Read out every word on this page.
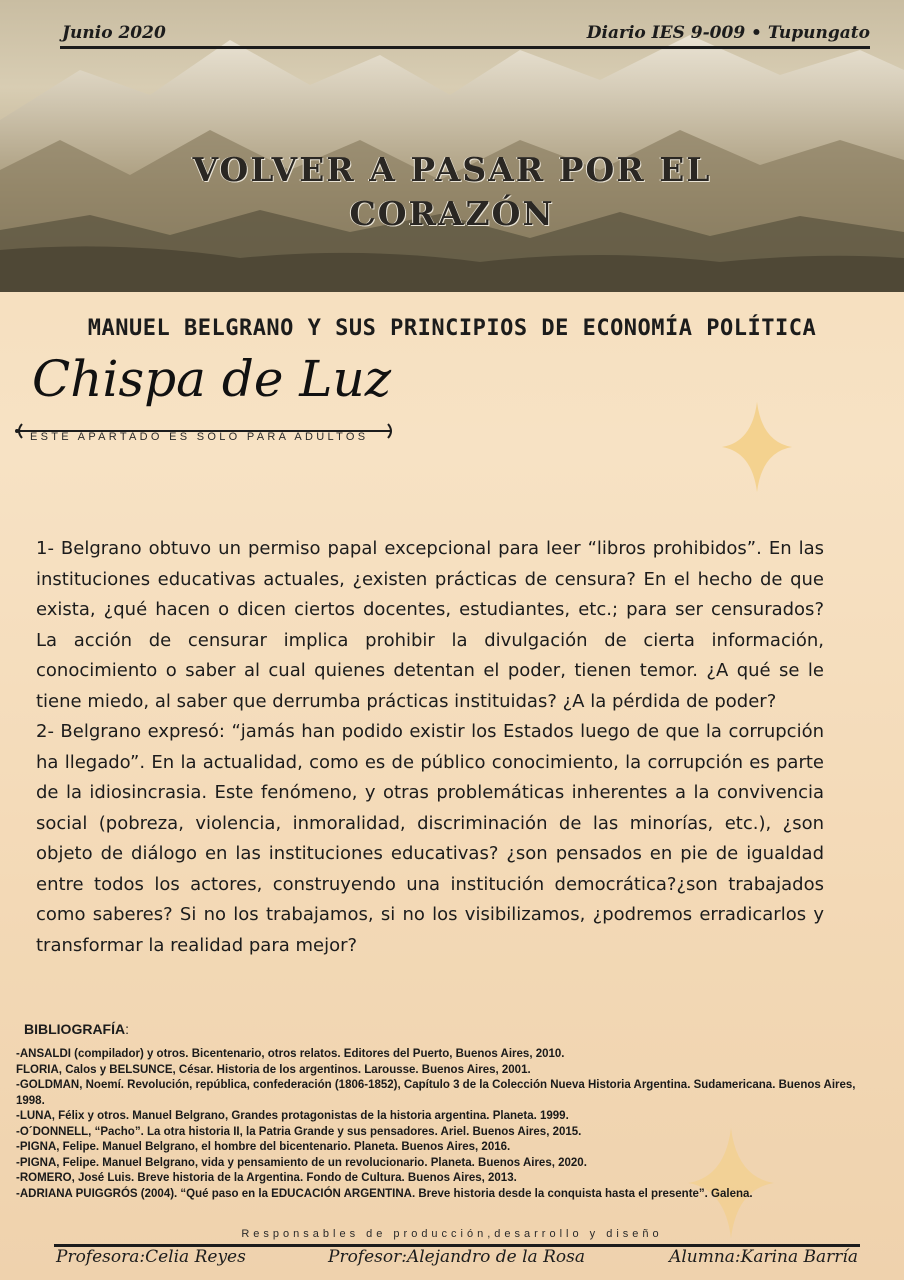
Junio 2020	Diario IES 9-009 • Tupungato
VOLVER A PASAR POR EL
CORAZÓN
MANUEL BELGRANO Y SUS PRINCIPIOS DE ECONOMÍA POLÍTICA
Chispa de Luz
ESTE APARTADO ES SÓLO PARA ADULTOS

1- Belgrano obtuvo un permiso papal excepcional para leer “libros prohibidos”. En las instituciones educativas actuales, ¿existen prácticas de censura? En el hecho de que exista, ¿qué hacen o dicen ciertos docentes, estudiantes, etc.; para ser censurados? La acción de censurar implica prohibir la divulgación de cierta información, conocimiento o saber al cual quienes detentan el poder, tienen temor. ¿A qué se le tiene miedo, al saber que derrumba prácticas instituidas? ¿A la pérdida de poder?

2- Belgrano expresó: “jamás han podido existir los Estados luego de que la corrupción ha llegado”. En la actualidad, como es de público conocimiento, la corrupción es parte de la idiosincrasia. Este fenómeno, y otras problemáticas inherentes a la convivencia social (pobreza, violencia, inmoralidad, discriminación de las minorías, etc.), ¿son objeto de diálogo en las instituciones educativas? ¿son pensados en pie de igualdad entre todos los actores, construyendo una institución democrática?¿son trabajados como saberes? Si no los trabajamos, si no los visibilizamos, ¿podremos erradicarlos y transformar la realidad para mejor?

BIBLIOGRAFÍA:
-ANSALDI (compilador) y otros. Bicentenario, otros relatos. Editores del Puerto, Buenos Aires, 2010.
FLORIA, Calos y BELSUNCE, César. Historia de los argentinos. Larousse. Buenos Aires, 2001.
-GOLDMAN, Noemí. Revolución, república, confederación (1806-1852), Capítulo 3 de la Colección Nueva Historia Argentina. Sudamericana. Buenos Aires, 1998.
-LUNA, Félix y otros. Manuel Belgrano, Grandes protagonistas de la historia argentina. Planeta. 1999.
-O´DONNELL, “Pacho”. La otra historia II, la Patria Grande y sus pensadores. Ariel. Buenos Aires, 2015.
-PIGNA, Felipe. Manuel Belgrano, el hombre del bicentenario. Planeta. Buenos Aires, 2016.
-PIGNA, Felipe. Manuel Belgrano, vida y pensamiento de un revolucionario. Planeta. Buenos Aires, 2020.
-ROMERO, José Luis. Breve historia de la Argentina. Fondo de Cultura. Buenos Aires, 2013.
-ADRIANA PUIGGRÓS (2004). “Qué paso en la EDUCACIÓN ARGENTINA. Breve historia desde la conquista hasta el presente”. Galena.
Responsables de producción,desarrollo y diseño
Profesora:Celia Reyes	Profesor:Alejandro de la Rosa	Alumna:Karina Barría
